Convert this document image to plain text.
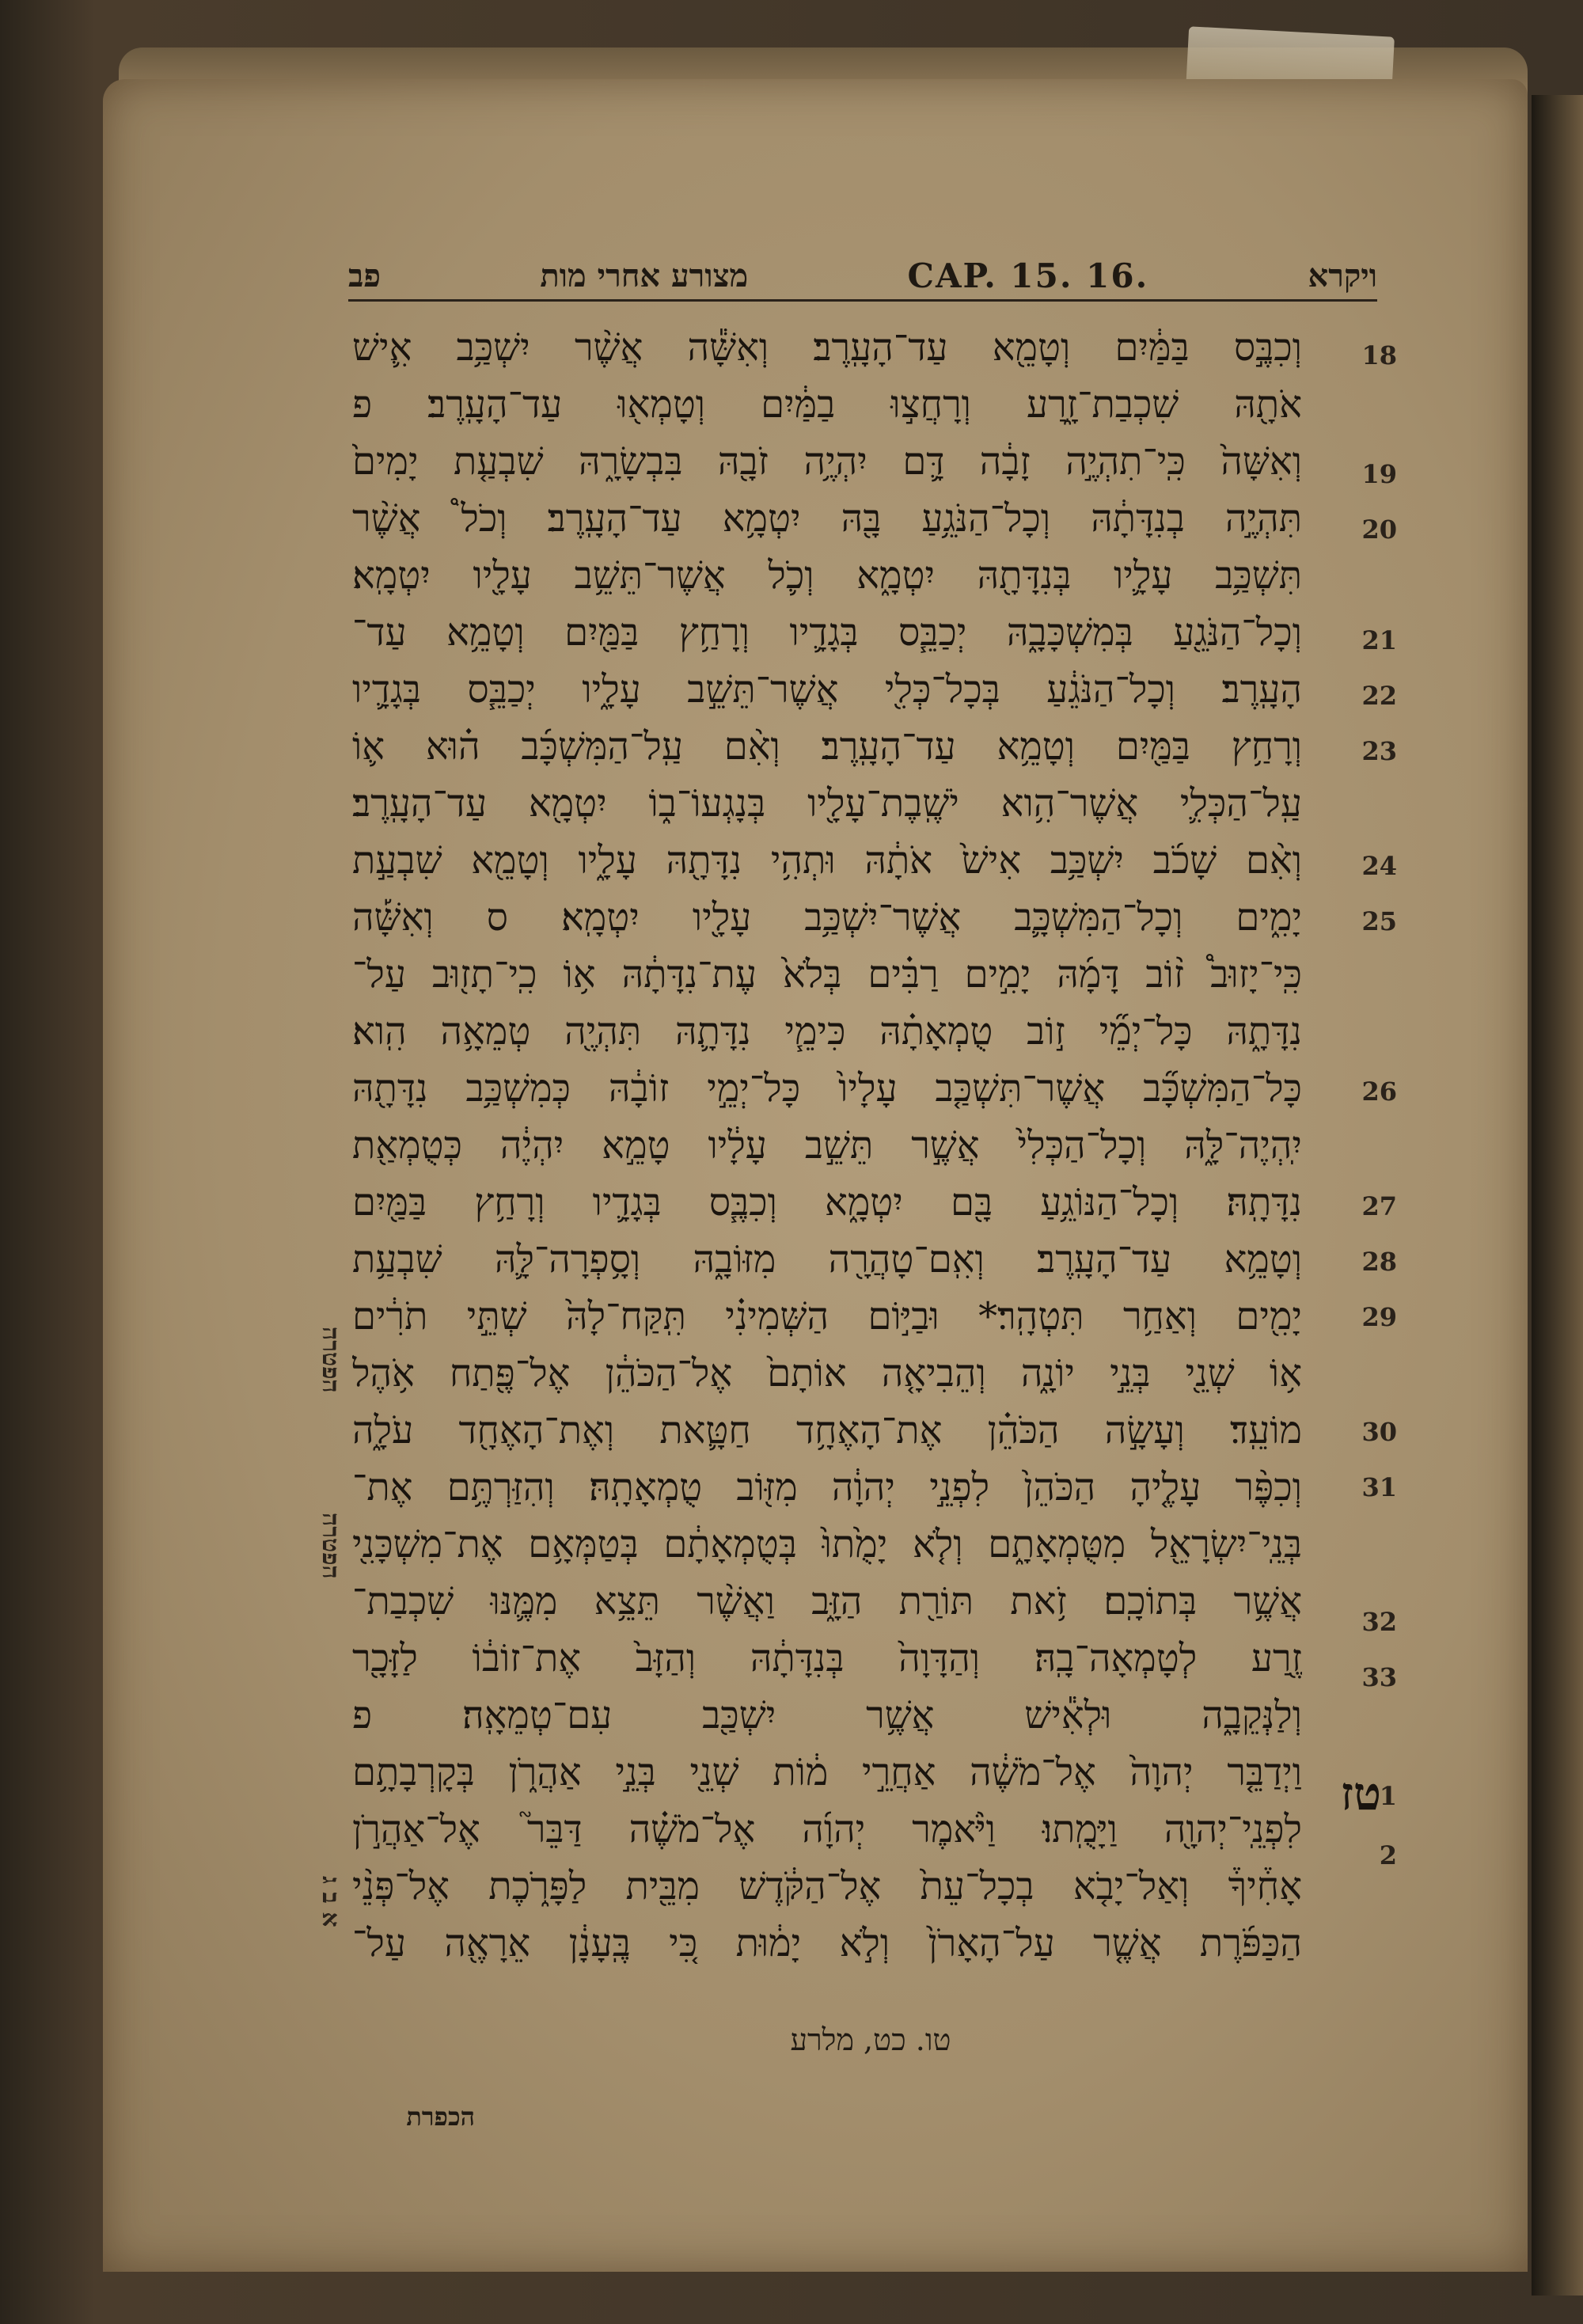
פב	מצורע אחרי מות	CAP. 15. 16.	ויקרא
18
19
20
21
22
23
24
25
26
27
28
29
30
31
32
33
1
2
וְכִבֶּ֣ס בַּמַּ֔יִם וְטָמֵ֖א עַד־הָעָֽרֶב׃ וְאִשָּׁ֕ה אֲשֶׁ֨ר יִשְׁכַּ֥ב אִ֛ישׁ
אֹתָ֖הּ שִׁכְבַת־זָ֑רַע וְרָחֲצ֣וּ בַמַּ֔יִם וְטָמְא֖וּ עַד־הָעָֽרֶב׃ פ
וְאִשָּׁה֙ כִּֽי־תִהְיֶ֣ה זָבָ֔ה דָּ֛ם יִהְיֶ֥ה זֹבָ֖הּ בִּבְשָׂרָ֑הּ שִׁבְעַ֤ת יָמִים֙
תִּהְיֶ֣ה בְנִדָּתָ֔הּ וְכָל־הַנֹּגֵ֥עַ בָּ֖הּ יִטְמָ֥א עַד־הָעָֽרֶב׃ וְכֹל֩ אֲשֶׁ֨ר
תִּשְׁכַּ֥ב עָלָ֛יו בְּנִדָּתָ֖הּ יִטְמָ֑א וְכֹ֛ל אֲשֶׁר־תֵּשֵׁ֥ב עָלָ֖יו יִטְמָֽא׃
וְכָל־הַנֹּגֵ֖עַ בְּמִשְׁכָּבָ֑הּ יְכַבֵּ֧ס בְּגָדָ֛יו וְרָחַ֥ץ בַּמַּ֖יִם וְטָמֵ֥א עַד־
הָעָֽרֶב׃ וְכָל־הַנֹּגֵ֔עַ בְּכָל־כְּלִ֖י אֲשֶׁר־תֵּשֵׁ֣ב עָלָ֑יו יְכַבֵּ֧ס בְּגָדָ֛יו
וְרָחַ֥ץ בַּמַּ֖יִם וְטָמֵ֥א עַד־הָעָֽרֶב׃ וְאִ֨ם עַֽל־הַמִּשְׁכָּ֜ב ה֗וּא א֛וֹ
עַֽל־הַכְּלִ֛י אֲשֶׁר־הִ֥וא יֹשֶֽׁבֶת־עָלָ֖יו בְּנָגְעוֹ־ב֑וֹ יִטְמָ֖א עַד־הָעָֽרֶב׃
וְאִ֨ם שָׁכֹ֜ב יִשְׁכַּ֥ב אִישׁ֙ אֹתָ֔הּ וּתְהִ֥י נִדָּתָ֖הּ עָלָ֑יו וְטָמֵ֖א שִׁבְעַ֣ת
יָמִ֑ים וְכָל־הַמִּשְׁכָּ֛ב אֲשֶׁר־יִשְׁכַּ֥ב עָלָ֖יו יִטְמָֽא׃ ס וְאִשָּׁ֡ה
כִּֽי־יָזוּב֩ ז֨וֹב דָּמָ֜הּ יָמִ֣ים רַבִּ֗ים בְּלֹא֙ עֶת־נִדָּתָ֔הּ א֥וֹ כִֽי־תָז֖וּב עַל־
נִדָּתָ֑הּ כָּל־יְמֵ֞י ז֣וֹב טֻמְאָתָ֗הּ כִּימֵ֧י נִדָּתָ֛הּ תִּהְיֶ֖ה טְמֵאָ֥ה הִֽוא׃
כָּל־הַמִּשְׁכָּ֞ב אֲשֶׁר־תִּשְׁכַּ֤ב עָלָיו֙ כָּל־יְמֵ֣י זוֹבָ֔הּ כְּמִשְׁכַּ֥ב נִדָּתָ֖הּ
יִֽהְיֶה־לָּ֑הּ וְכָל־הַכְּלִי֙ אֲשֶׁ֣ר תֵּשֵׁ֣ב עָלָ֔יו טָמֵ֣א יִהְיֶ֔ה כְּטֻמְאַ֖ת
נִדָּתָֽהּ׃ וְכָל־הַנּוֹגֵ֥עַ בָּ֖ם יִטְמָ֑א וְכִבֶּ֧ס בְּגָדָ֛יו וְרָחַ֥ץ בַּמַּ֖יִם
וְטָמֵ֥א עַד־הָעָֽרֶב׃ וְאִֽם־טָהֲרָ֖ה מִזּוֹבָ֑הּ וְסָ֥פְרָה־לָּ֛הּ שִׁבְעַ֥ת
יָמִ֖ים וְאַחַ֥ר תִּטְהָֽר׃* וּבַיּ֣וֹם הַשְּׁמִינִ֗י תִּֽקַּח־לָהּ֙ שְׁתֵּ֣י תֹרִ֔ים
א֥וֹ שְׁנֵ֖י בְּנֵ֣י יוֹנָ֑ה וְהֵבִיאָ֤ה אוֹתָם֙ אֶל־הַכֹּהֵ֔ן אֶל־פֶּ֖תַח אֹ֥הֶל
מוֹעֵֽד׃ וְעָשָׂ֣ה הַכֹּהֵ֗ן אֶת־הָאֶחָ֥ד חַטָּ֛את וְאֶת־הָאֶחָ֖ד עֹלָ֑ה
וְכִפֶּ֨ר עָלֶ֤יהָ הַכֹּהֵן֙ לִפְנֵ֣י יְהוָ֔ה מִזּ֖וֹב טֻמְאָתָֽהּ׃ וְהִזַּרְתֶּ֥ם אֶת־
בְּנֵֽי־יִשְׂרָאֵ֖ל מִטֻּמְאָתָ֑ם וְלֹ֤א יָמֻ֙תוּ֙ בְּטֻמְאָתָ֔ם בְּטַמְּאָ֥ם אֶת־מִשְׁכָּנִ֖י
אֲשֶׁ֥ר בְּתוֹכָֽם׃ זֹ֥את תּוֹרַ֖ת הַזָּ֑ב וַאֲשֶׁ֨ר תֵּצֵ֥א מִמֶּ֛נּוּ שִׁכְבַת־
זֶ֖רַע לְטָמְאָה־בָֽהּ׃ וְהַדָּוָה֙ בְּנִדָּתָ֔הּ וְהַזָּב֙ אֶת־זוֹב֔וֹ לַזָּכָ֖ר
וְלַנְּקֵבָ֑ה וּלְאִ֕ישׁ אֲשֶׁ֥ר יִשְׁכַּ֖ב עִם־טְמֵאָֽה׃ פ
וַיְדַבֵּ֤ר יְהוָה֙ אֶל־מֹשֶׁ֔ה אַחֲרֵ֣י מ֔וֹת שְׁנֵ֖י בְּנֵ֣י אַהֲרֹ֑ן בְּקָרְבָתָ֥ם
לִפְנֵֽי־יְהוָ֖ה וַיָּמֻֽתוּ׃ וַיֹּ֨אמֶר יְהוָ֜ה אֶל־מֹשֶׁ֗ה דַּבֵּר֮ אֶל־אַהֲרֹ֣ן
אָחִ֒יךָ֒ וְאַל־יָבֹ֤א בְכָל־עֵת֙ אֶל־הַקֹּ֔דֶשׁ מִבֵּ֖ית לַפָּרֹ֑כֶת אֶל־פְּנֵ֨י
הַכַּפֹּ֜רֶת אֲשֶׁ֤ר עַל־הָאָרֹן֙ וְלֹ֣א יָמ֔וּת כִּ֚י בֶּֽעָנָ֔ן אֵרָאֶ֖ה עַל־
טז
הפטרה
הפטרה
א ב ג
טו. כט, מלרע
הכפרת
